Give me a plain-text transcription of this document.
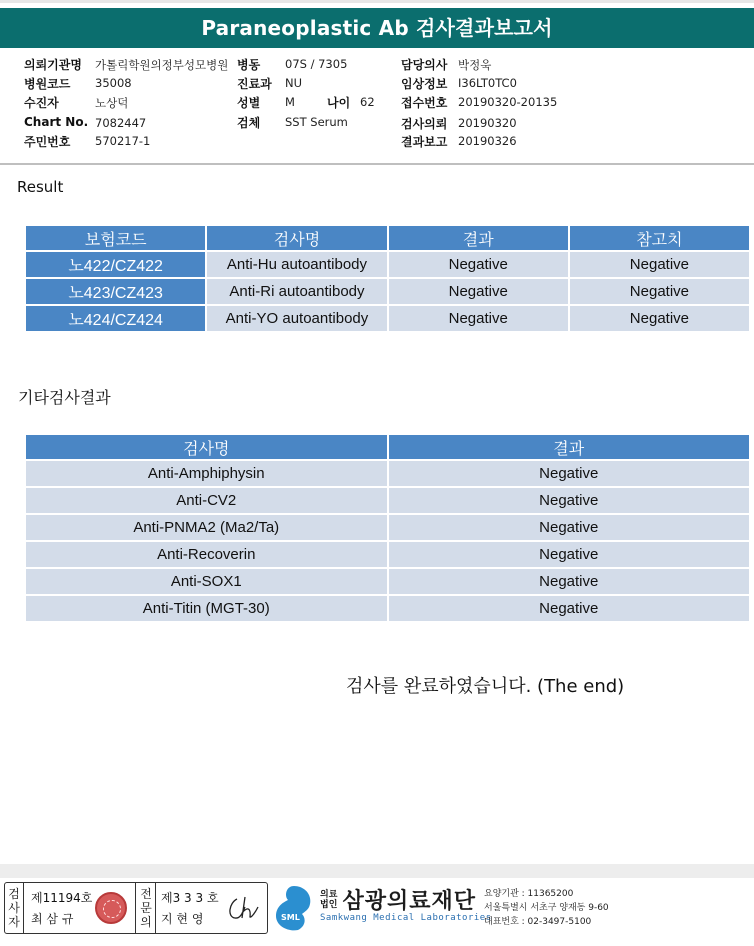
Paraneoplastic Ab 검사결과보고서
의뢰기관명 가톨릭학원의정부성모병원 병동 07S / 7305	담당의사 박정욱
병원코드 35008	진료과 NU	임상정보 I36LT0TC0
수진자	노상덕	성별 M	나이 62 접수번호 20190320-20135
Chart No. 7082447	검체 SST Serum	검사의뢰 20190320
주민번호 570217-1	결과보고 20190326
Result
보험코드	검사명	결과	참고치
노422/CZ422	Anti-Hu autoantibody	Negative	Negative
노423/CZ423	Anti-Ri autoantibody	Negative	Negative
노424/CZ424	Anti-YO autoantibody	Negative	Negative
기타검사결과
검사명	결과
Anti-Amphiphysin	Negative
Anti-CV2	Negative
Anti-PNMA2 (Ma2/Ta)	Negative
Anti-Recoverin	Negative
Anti-SOX1	Negative
Anti-Titin (MGT-30)	Negative
검사를 완료하였습니다. (The end)
검사자
제11194호
최 삼 규
전문의
제3 3 3 호
지 현 영	SML
의료
법인 삼광의료재단
Samkwang Medical Laboratories
요양기관 : 11365200
서울특별시 서초구 양재동 9-60
대표번호 : 02-3497-5100
